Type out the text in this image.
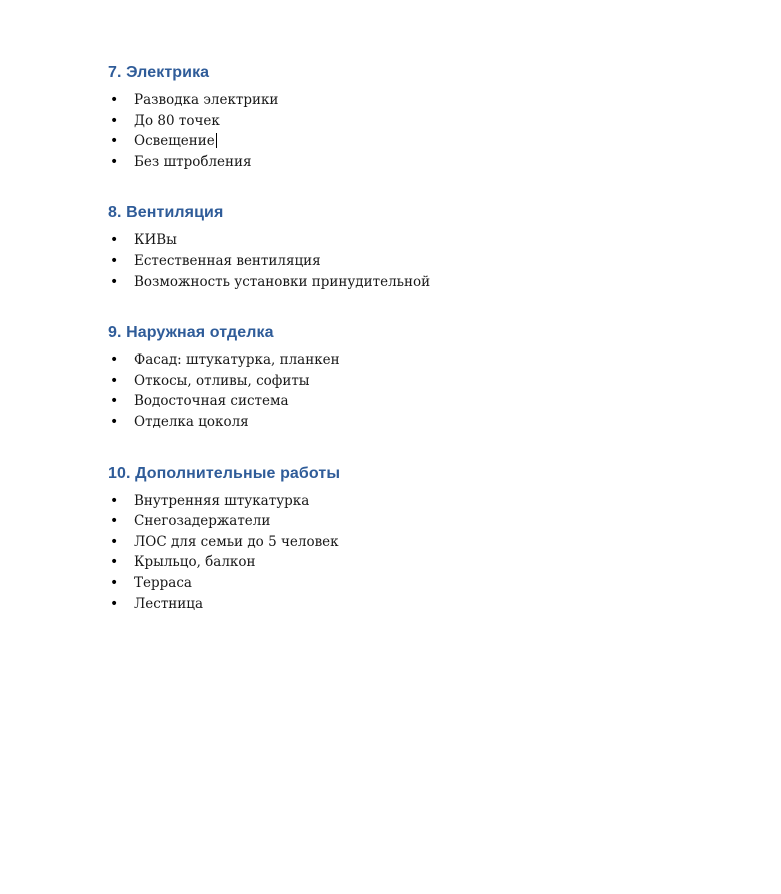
7. Электрика
• Разводка электрики
• До 80 точек
• Освещение
• Без штробления
8. Вентиляция
• КИВы
• Естественная вентиляция
• Возможность установки принудительной
9. Наружная отделка
• Фасад: штукатурка, планкен
• Откосы, отливы, софиты
• Водосточная система
• Отделка цоколя
10. Дополнительные работы
• Внутренняя штукатурка
• Снегозадержатели
• ЛОС для семьи до 5 человек
• Крыльцо, балкон
• Терраса
• Лестница
